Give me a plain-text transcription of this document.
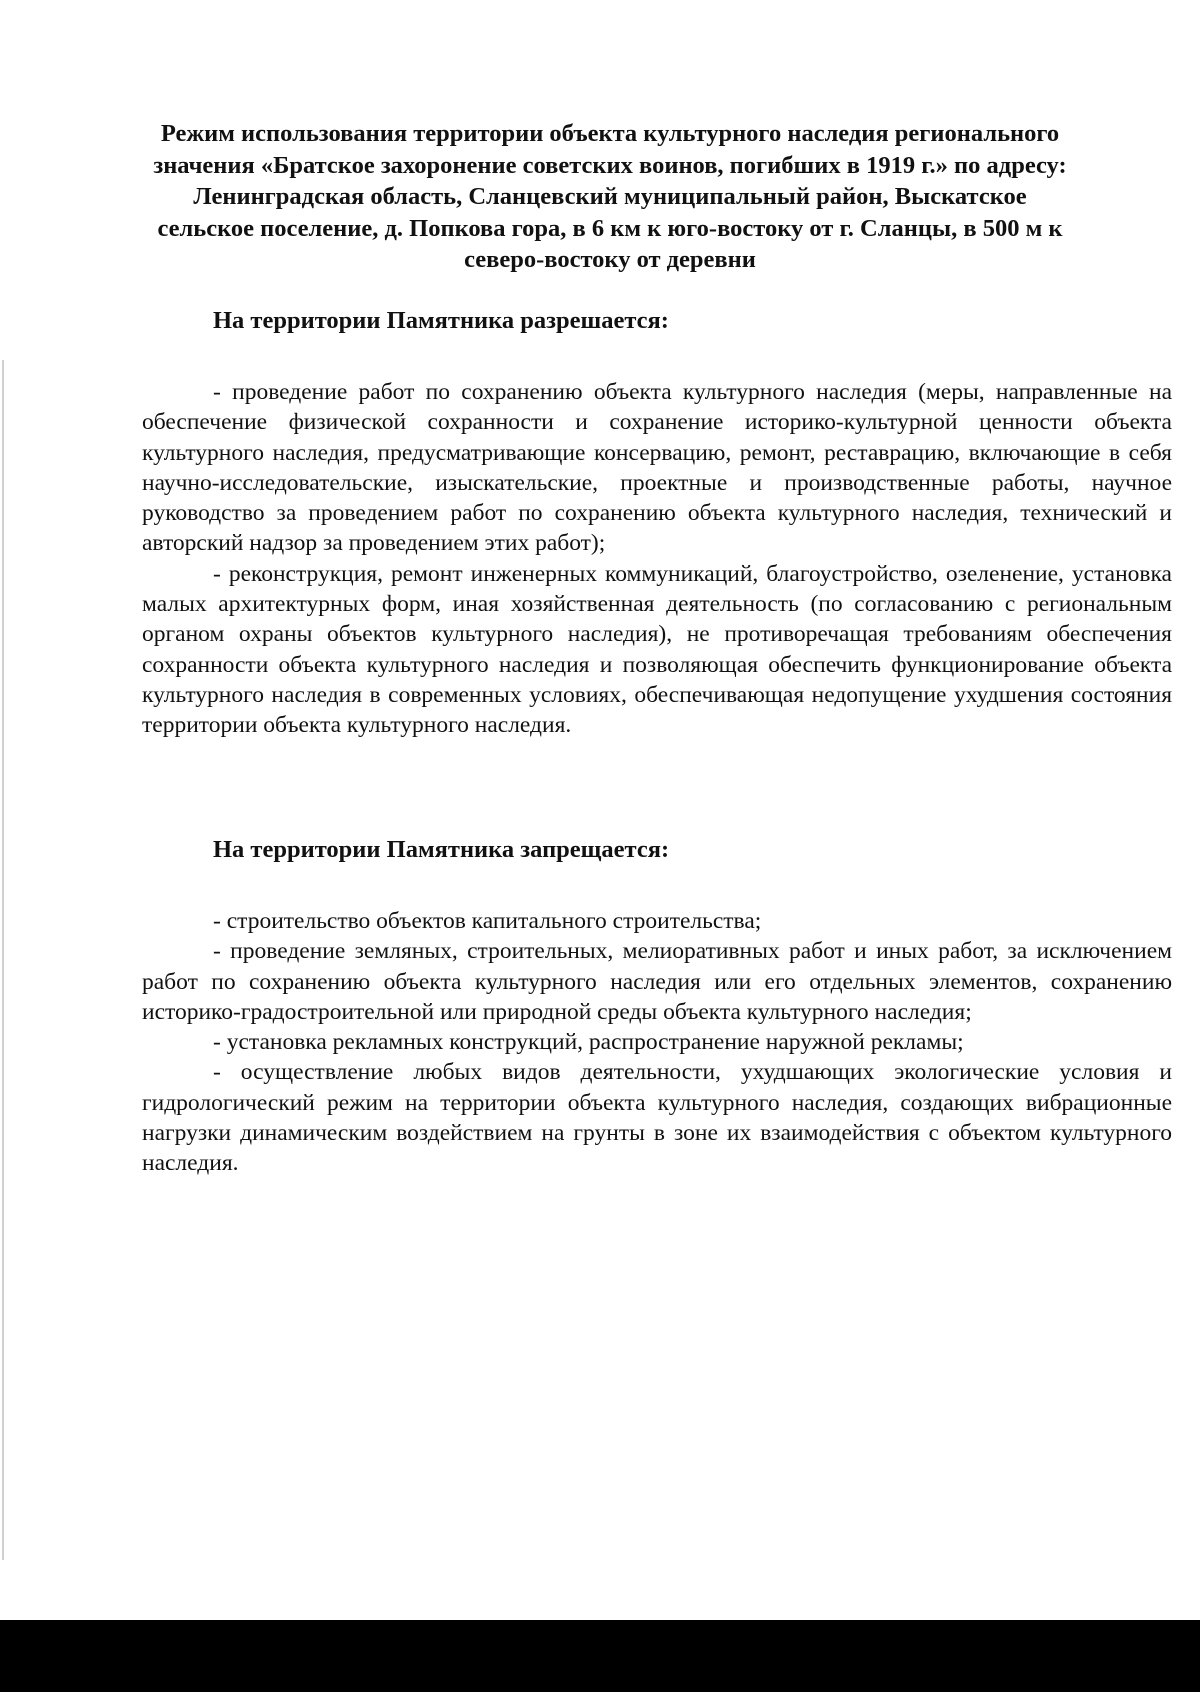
Режим использования территории объекта культурного наследия регионального значения «Братское захоронение советских воинов, погибших в 1919 г.» по адресу: Ленинградская область, Сланцевский муниципальный район, Выскатское сельское поселение, д. Попкова гора, в 6 км к юго-востоку от г. Сланцы, в 500 м к северо-востоку от деревни

На территории Памятника разрешается:

- проведение работ по сохранению объекта культурного наследия (меры, направленные на обеспечение физической сохранности и сохранение историко-культурной ценности объекта культурного наследия, предусматривающие консервацию, ремонт, реставрацию, включающие в себя научно-исследовательские, изыскательские, проектные и производственные работы, научное руководство за проведением работ по сохранению объекта культурного наследия, технический и авторский надзор за проведением этих работ);

- реконструкция, ремонт инженерных коммуникаций, благоустройство, озеленение, установка малых архитектурных форм, иная хозяйственная деятельность (по согласованию с региональным органом охраны объектов культурного наследия), не противоречащая требованиям обеспечения сохранности объекта культурного наследия и позволяющая обеспечить функционирование объекта культурного наследия в современных условиях, обеспечивающая недопущение ухудшения состояния территории объекта культурного наследия.

На территории Памятника запрещается:

- строительство объектов капитального строительства;

- проведение земляных, строительных, мелиоративных работ и иных работ, за исключением работ по сохранению объекта культурного наследия или его отдельных элементов, сохранению историко-градостроительной или природной среды объекта культурного наследия;

- установка рекламных конструкций, распространение наружной рекламы;

- осуществление любых видов деятельности, ухудшающих экологические условия и гидрологический режим на территории объекта культурного наследия, создающих вибрационные нагрузки динамическим воздействием на грунты в зоне их взаимодействия с объектом культурного наследия.
